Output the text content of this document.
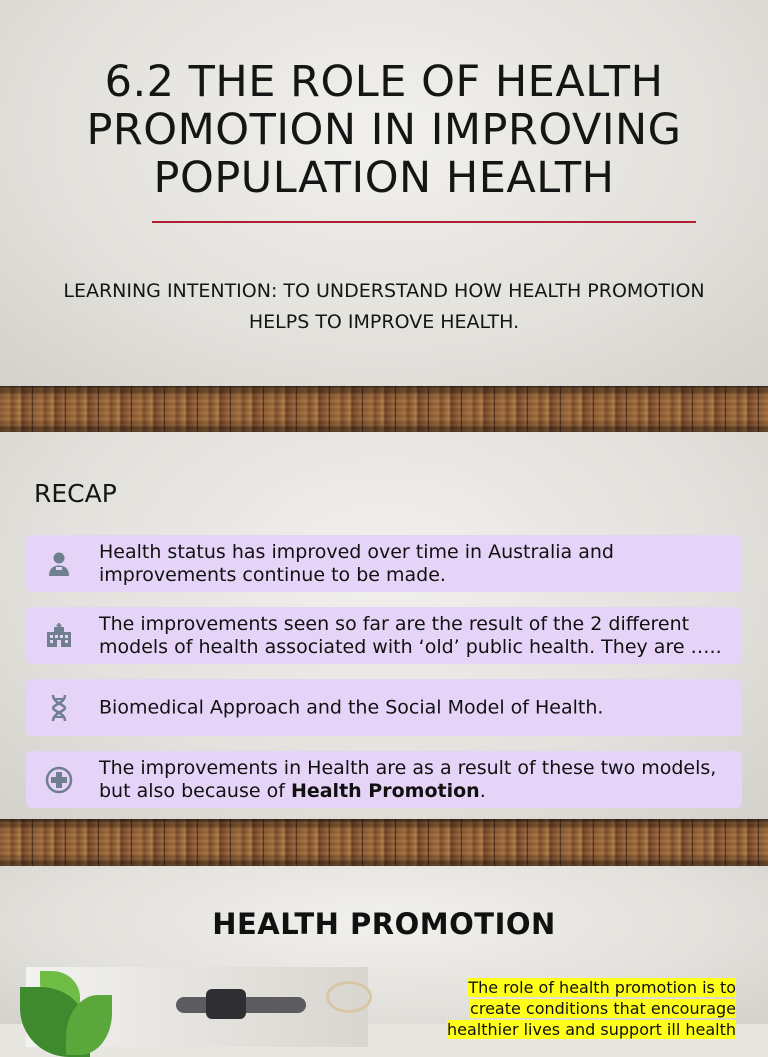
6.2 THE ROLE OF HEALTH PROMOTION IN IMPROVING POPULATION HEALTH
LEARNING INTENTION: TO UNDERSTAND HOW HEALTH PROMOTION HELPS TO IMPROVE HEALTH.
RECAP
Health status has improved over time in Australia and improvements continue to be made.
The improvements seen so far are the result of the 2 different models of health associated with ‘old’ public health. They are …..
Biomedical Approach and the Social Model of Health.
The improvements in Health are as a result of these two models, but also because of Health Promotion.
HEALTH PROMOTION
The role of health promotion is to create conditions that encourage healthier lives and support ill health
